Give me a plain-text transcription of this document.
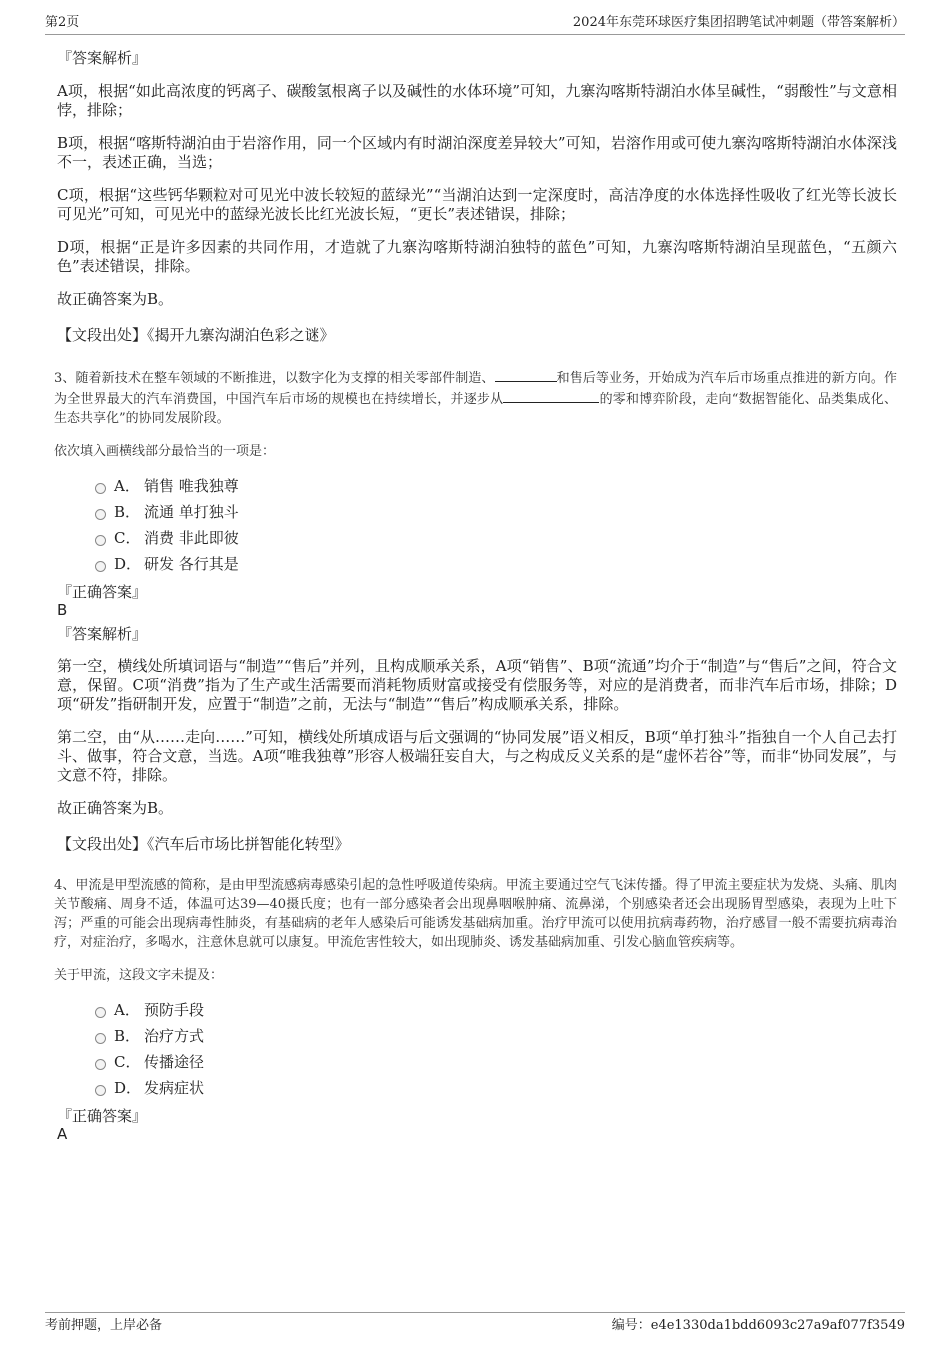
第2页	2024年东莞环球医疗集团招聘笔试冲刺题（带答案解析）

『答案解析』

A项，根据“如此高浓度的钙离子、碳酸氢根离子以及碱性的水体环境”可知，九寨沟喀斯特湖泊水体呈碱性，“弱酸性”与文意相悖，排除；

B项，根据“喀斯特湖泊由于岩溶作用，同一个区域内有时湖泊深度差异较大”可知，岩溶作用或可使九寨沟喀斯特湖泊水体深浅不一，表述正确，当选；

C项，根据“这些钙华颗粒对可见光中波长较短的蓝绿光”“当湖泊达到一定深度时，高洁净度的水体选择性吸收了红光等长波长可见光”可知，可见光中的蓝绿光波长比红光波长短，“更长”表述错误，排除；

D项，根据“正是许多因素的共同作用，才造就了九寨沟喀斯特湖泊独特的蓝色”可知，九寨沟喀斯特湖泊呈现蓝色，“五颜六色”表述错误，排除。

故正确答案为B。

【文段出处】《揭开九寨沟湖泊色彩之谜》

3、随着新技术在整车领域的不断推进，以数字化为支撑的相关零部件制造、	和售后等业务，开始成为汽车后市场重点推进的新方向。作为全世界最大的汽车消费国，中国汽车后市场的规模也在持续增长，并逐步从	的零和博弈阶段，走向“数据智能化、品类集成化、生态共享化”的协同发展阶段。

依次填入画横线部分最恰当的一项是：

A． 销售 唯我独尊
B． 流通 单打独斗
C． 消费 非此即彼
D． 研发 各行其是

『正确答案』

B

『答案解析』

第一空，横线处所填词语与“制造”“售后”并列，且构成顺承关系，A项“销售”、B项“流通”均介于“制造”与“售后”之间，符合文意，保留。C项“消费”指为了生产或生活需要而消耗物质财富或接受有偿服务等，对应的是消费者，而非汽车后市场，排除；D项“研发”指研制开发，应置于“制造”之前，无法与“制造”“售后”构成顺承关系，排除。

第二空，由“从……走向……”可知，横线处所填成语与后文强调的“协同发展”语义相反，B项“单打独斗”指独自一个人自己去打斗、做事，符合文意，当选。A项“唯我独尊”形容人极端狂妄自大，与之构成反义关系的是“虚怀若谷”等，而非“协同发展”，与文意不符，排除。

故正确答案为B。

【文段出处】《汽车后市场比拼智能化转型》

4、甲流是甲型流感的简称，是由甲型流感病毒感染引起的急性呼吸道传染病。甲流主要通过空气飞沫传播。得了甲流主要症状为发烧、头痛、肌肉关节酸痛、周身不适，体温可达39—40摄氏度；也有一部分感染者会出现鼻咽喉肿痛、流鼻涕，个别感染者还会出现肠胃型感染，表现为上吐下泻；严重的可能会出现病毒性肺炎，有基础病的老年人感染后可能诱发基础病加重。治疗甲流可以使用抗病毒药物，治疗感冒一般不需要抗病毒治疗，对症治疗，多喝水，注意休息就可以康复。甲流危害性较大，如出现肺炎、诱发基础病加重、引发心脑血管疾病等。

关于甲流，这段文字未提及：

A． 预防手段
B． 治疗方式
C． 传播途径
D． 发病症状

『正确答案』

A

考前押题，上岸必备	编号：e4e1330da1bdd6093c27a9af077f3549
